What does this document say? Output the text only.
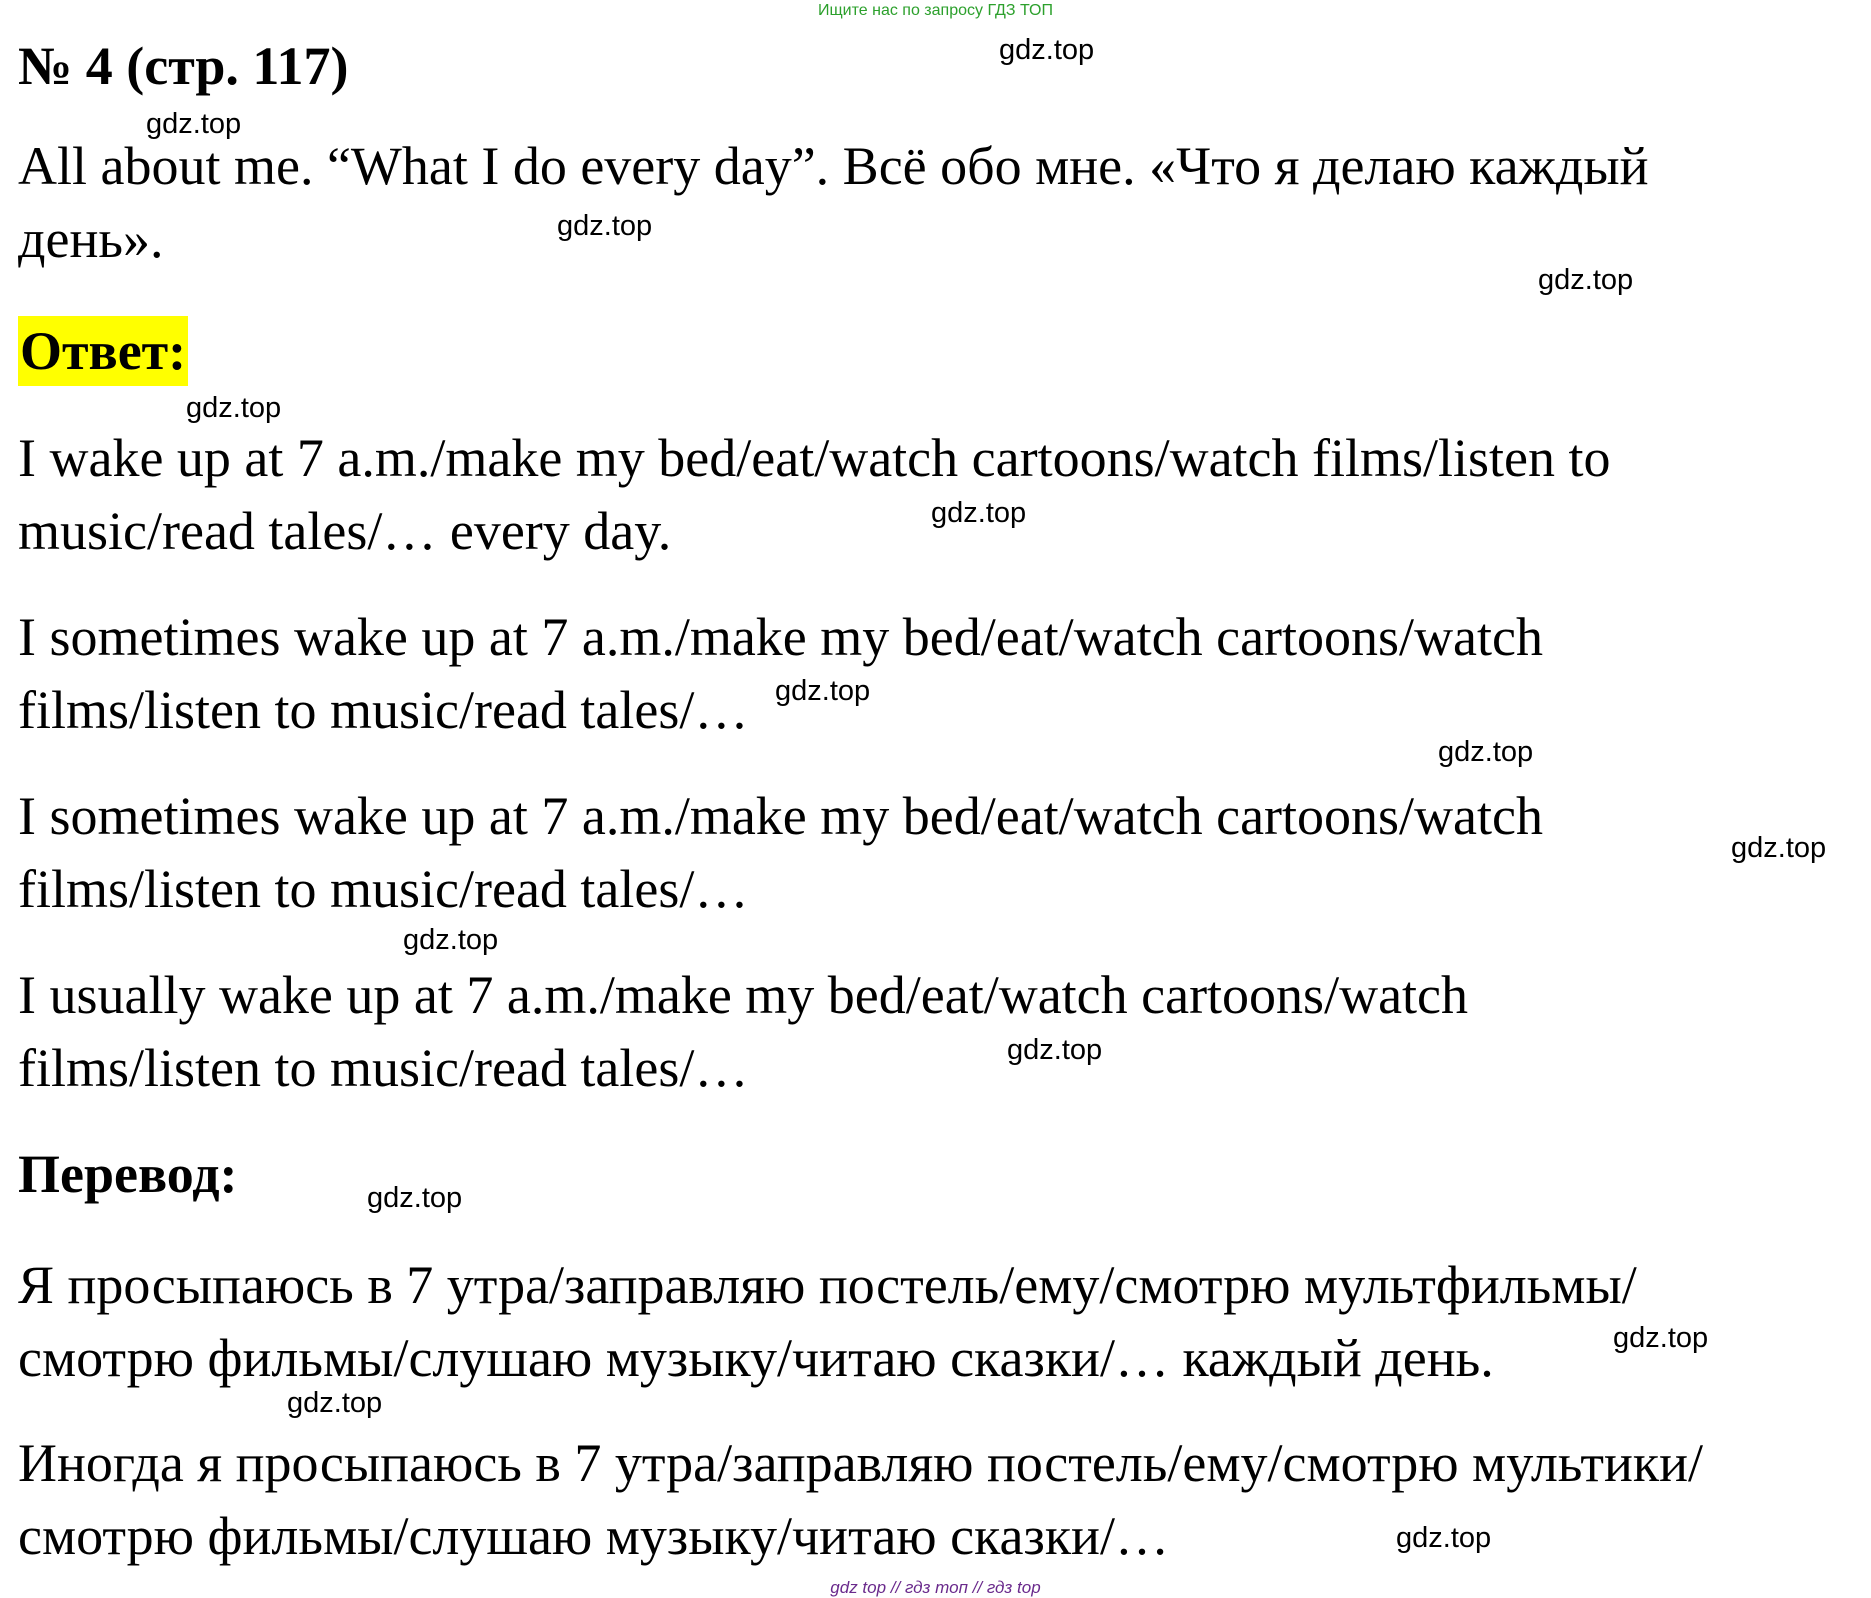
Ищите нас по запросу ГДЗ ТОП
№ 4 (стр. 117)
All about me. “What I do every day”. Всё обо мне. «Что я делаю каждый
день».
Ответ:
I wake up at 7 a.m./make my bed/eat/watch cartoons/watch films/listen to
music/read tales/… every day.
I sometimes wake up at 7 a.m./make my bed/eat/watch cartoons/watch
films/listen to music/read tales/…
I sometimes wake up at 7 a.m./make my bed/eat/watch cartoons/watch
films/listen to music/read tales/…
I usually wake up at 7 a.m./make my bed/eat/watch cartoons/watch
films/listen to music/read tales/…
Перевод:
Я просыпаюсь в 7 утра/заправляю постель/ему/смотрю мультфильмы/
смотрю фильмы/слушаю музыку/читаю сказки/… каждый день.
Иногда я просыпаюсь в 7 утра/заправляю постель/ему/смотрю мультики/
смотрю фильмы/слушаю музыку/читаю сказки/…
gdz.top
gdz.top
gdz.top
gdz.top
gdz.top
gdz.top
gdz.top
gdz.top
gdz.top
gdz.top
gdz.top
gdz.top
gdz.top
gdz.top
gdz.top
gdz top // гдз топ // гдз top
